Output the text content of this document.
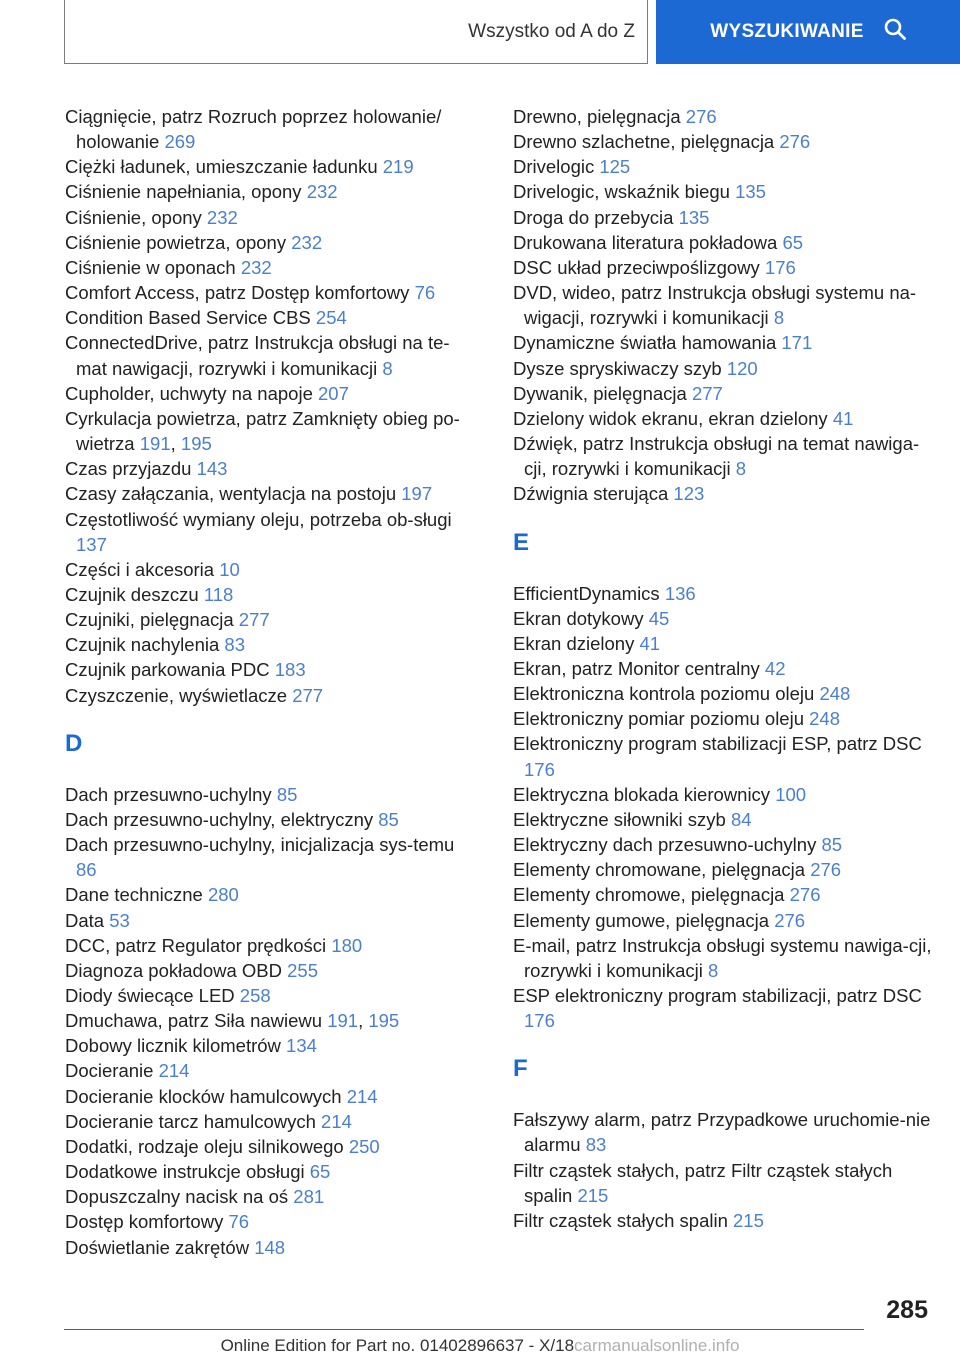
Wszystko od A do Z	WYSZUKIWANIE
Ciągnięcie, patrz Rozruch poprzez holowanie/​holowanie 269
Ciężki ładunek, umieszczanie ładunku 219
Ciśnienie napełniania, opony 232
Ciśnienie, opony 232
Ciśnienie powietrza, opony 232
Ciśnienie w oponach 232
Comfort Access, patrz Dostęp komfortowy 76
Condition Based Service CBS 254
ConnectedDrive, patrz Instrukcja obsługi na te-​mat nawigacji, rozrywki i komunikacji 8
Cupholder, uchwyty na napoje 207
Cyrkulacja powietrza, patrz Zamknięty obieg po-​wietrza 191, 195
Czas przyjazdu 143
Czasy załączania, wentylacja na postoju 197
Częstotliwość wymiany oleju, potrzeba ob-​sługi 137
Części i akcesoria 10
Czujnik deszczu 118
Czujniki, pielęgnacja 277
Czujnik nachylenia 83
Czujnik parkowania PDC 183
Czyszczenie, wyświetlacze 277
D
Dach przesuwno-uchylny 85
Dach przesuwno-uchylny, elektryczny 85
Dach przesuwno-uchylny, inicjalizacja sys-​temu 86
Dane techniczne 280
Data 53
DCC, patrz Regulator prędkości 180
Diagnoza pokładowa OBD 255
Diody świecące LED 258
Dmuchawa, patrz Siła nawiewu 191, 195
Dobowy licznik kilometrów 134
Docieranie 214
Docieranie klocków hamulcowych 214
Docieranie tarcz hamulcowych 214
Dodatki, rodzaje oleju silnikowego 250
Dodatkowe instrukcje obsługi 65
Dopuszczalny nacisk na oś 281
Dostęp komfortowy 76
Doświetlanie zakrętów 148
Drewno, pielęgnacja 276
Drewno szlachetne, pielęgnacja 276
Drivelogic 125
Drivelogic, wskaźnik biegu 135
Droga do przebycia 135
Drukowana literatura pokładowa 65
DSC układ przeciwpoślizgowy 176
DVD, wideo, patrz Instrukcja obsługi systemu na-​wigacji, rozrywki i komunikacji 8
Dynamiczne światła hamowania 171
Dysze spryskiwaczy szyb 120
Dywanik, pielęgnacja 277
Dzielony widok ekranu, ekran dzielony 41
Dźwięk, patrz Instrukcja obsługi na temat nawiga-​cji, rozrywki i komunikacji 8
Dźwignia sterująca 123
E
EfficientDynamics 136
Ekran dotykowy 45
Ekran dzielony 41
Ekran, patrz Monitor centralny 42
Elektroniczna kontrola poziomu oleju 248
Elektroniczny pomiar poziomu oleju 248
Elektroniczny program stabilizacji ESP, patrz DSC 176
Elektryczna blokada kierownicy 100
Elektryczne siłowniki szyb 84
Elektryczny dach przesuwno-uchylny 85
Elementy chromowane, pielęgnacja 276
Elementy chromowe, pielęgnacja 276
Elementy gumowe, pielęgnacja 276
E-mail, patrz Instrukcja obsługi systemu nawiga-​cji, rozrywki i komunikacji 8
ESP elektroniczny program stabilizacji, patrz DSC 176
F
Fałszywy alarm, patrz Przypadkowe uruchomie-​nie alarmu 83
Filtr cząstek stałych, patrz Filtr cząstek stałych spalin 215
Filtr cząstek stałych spalin 215
285
Online Edition for Part no. 01402896637 - X/18carmanualsonline.info
